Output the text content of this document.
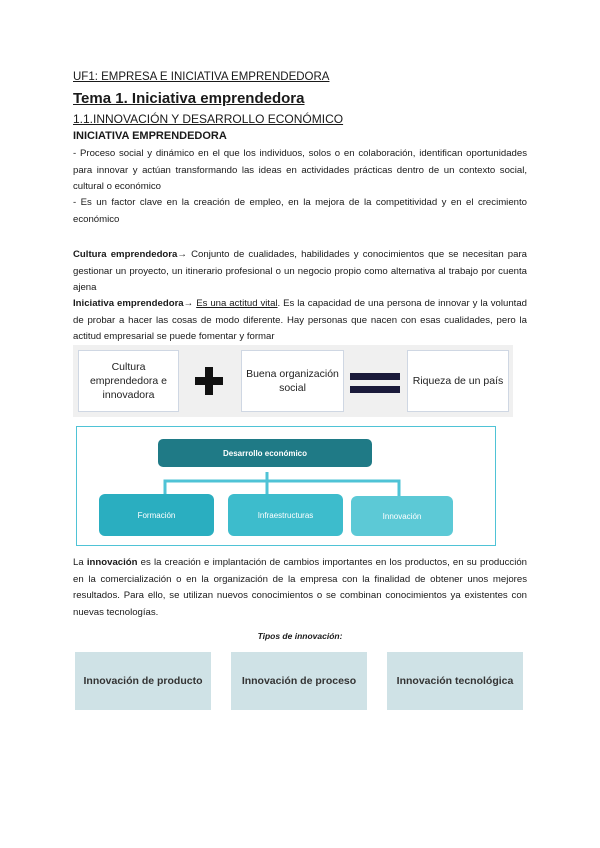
UF1: EMPRESA E INICIATIVA EMPRENDEDORA
Tema 1. Iniciativa emprendedora
1.1.INNOVACIÓN Y DESARROLLO ECONÓMICO
INICIATIVA EMPRENDEDORA
- Proceso social y dinámico en el que los individuos, solos o en colaboración, identifican oportunidades para innovar y actúan transformando las ideas en actividades prácticas dentro de un contexto social, cultural o económico
- Es un factor clave en la creación de empleo, en la mejora de la competitividad y en el crecimiento económico
Cultura emprendedora→ Conjunto de cualidades, habilidades y conocimientos que se necesitan para gestionar un proyecto, un itinerario profesional o un negocio propio como alternativa al trabajo por cuenta ajena
Iniciativa emprendedora→ Es una actitud vital. Es la capacidad de una persona de innovar y la voluntad de probar a hacer las cosas de modo diferente. Hay personas que nacen con esas cualidades, pero la actitud empresarial se puede fomentar y formar
Cultura emprendedora e innovadora
Buena organización social
Riqueza de un país
Desarrollo económico
Formación	Infraestructuras	Innovación
La innovación es la creación e implantación de cambios importantes en los productos, en su producción en la comercialización o en la organización de la empresa con la finalidad de obtener unos mejores resultados. Para ello, se utilizan nuevos conocimientos o se combinan conocimientos ya existentes con nuevas tecnologías.
Tipos de innovación:
Innovación de producto	Innovación de proceso	Innovación tecnológica
